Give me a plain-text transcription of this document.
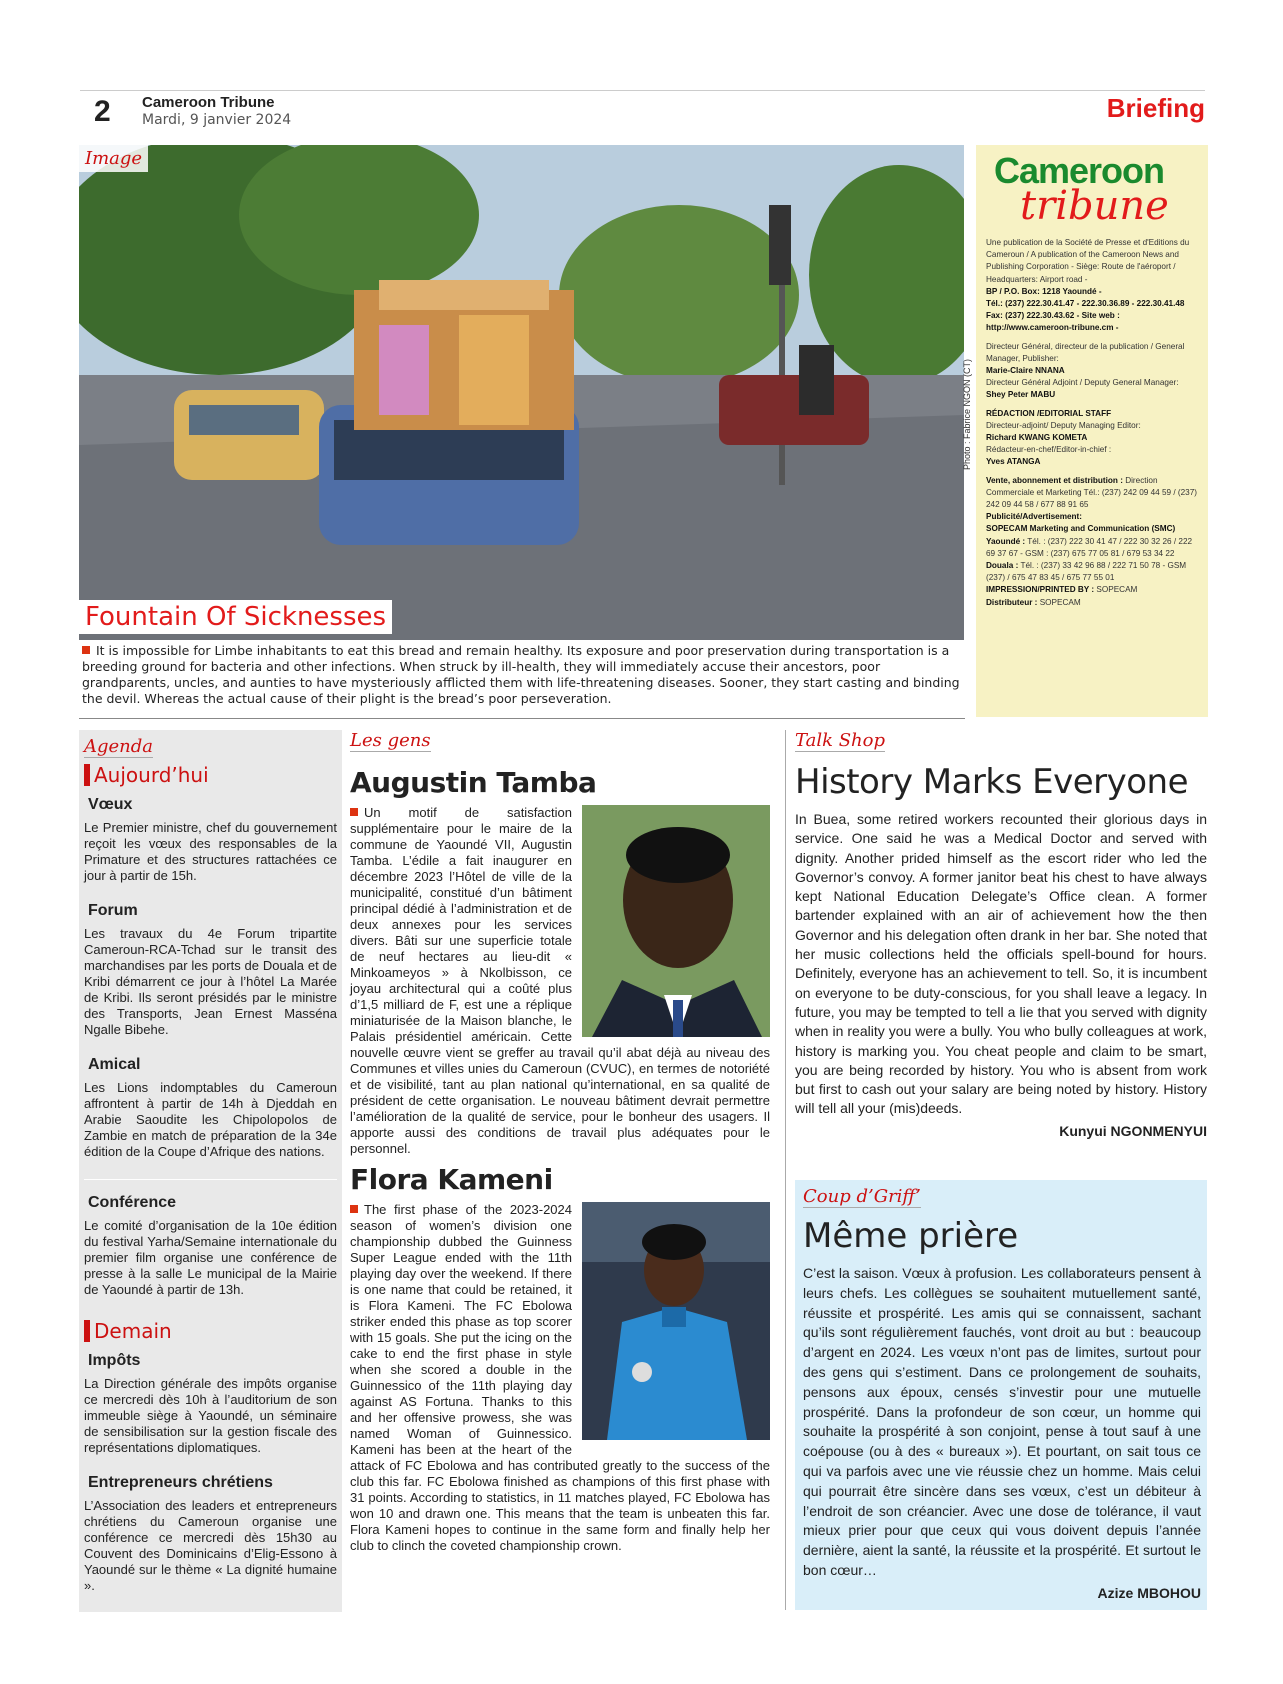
2 Cameroon Tribune
Mardi, 9 janvier 2024	Briefing
Image
Fountain Of Sicknesses
Photo : Fabrice NGON (CT)
It is impossible for Limbe inhabitants to eat this bread and remain healthy. Its exposure and poor preservation during transportation is a breeding ground for bacteria and other infections. When struck by ill-health, they will immediately accuse their ancestors, poor grandparents, uncles, and aunties to have mysteriously afflicted them with life-threatening diseases. Sooner, they start casting and binding the devil. Whereas the actual cause of their plight is the bread’s poor perseveration.
Cameroon
tribune
Une publication de la Société de Presse et d'Editions du Cameroun / A publication of the Cameroon News and Publishing Corporation - Siège: Route de l'aéroport / Headquarters: Airport road -
BP / P.O. Box: 1218 Yaoundé -
Tél.: (237) 222.30.41.47 - 222.30.36.89 - 222.30.41.48 Fax: (237) 222.30.43.62 - Site web : http://www.cameroon-tribune.cm -
Directeur Général, directeur de la publication / General Manager, Publisher:
Marie-Claire NNANA
Directeur Général Adjoint / Deputy General Manager:
Shey Peter MABU
RÉDACTION /EDITORIAL STAFF
Directeur-adjoint/ Deputy Managing Editor:
Richard KWANG KOMETA
Rédacteur-en-chef/Editor-in-chief :
Yves ATANGA
Vente, abonnement et distribution : Direction Commerciale et Marketing Tél.: (237) 242 09 44 59 / (237) 242 09 44 58 / 677 88 91 65
Publicité/Advertisement:
SOPECAM Marketing and Communication (SMC)
Yaoundé : Tél. : (237) 222 30 41 47 / 222 30 32 26 / 222 69 37 67 - GSM : (237) 675 77 05 81 / 679 53 34 22
Douala : Tél. : (237) 33 42 96 88 / 222 71 50 78 - GSM (237) / 675 47 83 45 / 675 77 55 01
IMPRESSION/PRINTED BY : SOPECAM
Distributeur : SOPECAM
Agenda
Aujourd’hui
Vœux
Le Premier ministre, chef du gouvernement reçoit les vœux des responsables de la Primature et des structures rattachées ce jour à partir de 15h.
Forum
Les travaux du 4e Forum tripartite Cameroun-RCA-Tchad sur le transit des marchandises par les ports de Douala et de Kribi démarrent ce jour à l’hôtel La Marée de Kribi. Ils seront présidés par le ministre des Transports, Jean Ernest Masséna Ngalle Bibehe.
Amical
Les Lions indomptables du Cameroun affrontent à partir de 14h à Djeddah en Arabie Saoudite les Chipolopolos de Zambie en match de préparation de la 34e édition de la Coupe d’Afrique des nations.
Conférence
Le comité d’organisation de la 10e édition du festival Yarha/Semaine internationale du premier film organise une conférence de presse à la salle Le municipal de la Mairie de Yaoundé à partir de 13h.
Demain
Impôts
La Direction générale des impôts organise ce mercredi dès 10h à l’auditorium de son immeuble siège à Yaoundé, un séminaire de sensibilisation sur la gestion fiscale des représentations diplomatiques.
Entrepreneurs chrétiens
L’Association des leaders et entrepreneurs chrétiens du Cameroun organise une conférence ce mercredi dès 15h30 au Couvent des Dominicains d’Elig-Essono à Yaoundé sur le thème « La dignité humaine ».
Les gens
Augustin Tamba
Un motif de satisfaction supplémentaire pour le maire de la commune de Yaoundé VII, Augustin Tamba. L’édile a fait inaugurer en décembre 2023 l’Hôtel de ville de la municipalité, constitué d’un bâtiment principal dédié à l’administration et de deux annexes pour les services divers. Bâti sur une superficie totale de neuf hectares au lieu-dit « Minkoameyos » à Nkolbisson, ce joyau architectural qui a coûté plus d’1,5 milliard de F, est une a réplique miniaturisée de la Maison blanche, le Palais présidentiel américain. Cette nouvelle œuvre vient se greffer au travail qu’il abat déjà au niveau des Communes et villes unies du Cameroun (CVUC), en termes de notoriété et de visibilité, tant au plan national qu’international, en sa qualité de président de cette organisation. Le nouveau bâtiment devrait permettre l’amélioration de la qualité de service, pour le bonheur des usagers. Il apporte aussi des conditions de travail plus adéquates pour le personnel.
Flora Kameni
The first phase of the 2023-2024 season of women’s division one championship dubbed the Guinness Super League ended with the 11th playing day over the weekend. If there is one name that could be retained, it is Flora Kameni. The FC Ebolowa striker ended this phase as top scorer with 15 goals. She put the icing on the cake to end the first phase in style when she scored a double in the Guinnessico of the 11th playing day against AS Fortuna. Thanks to this and her offensive prowess, she was named Woman of Guinnessico. Kameni has been at the heart of the attack of FC Ebolowa and has contributed greatly to the success of the club this far. FC Ebolowa finished as champions of this first phase with 31 points. According to statistics, in 11 matches played, FC Ebolowa has won 10 and drawn one. This means that the team is unbeaten this far. Flora Kameni hopes to continue in the same form and finally help her club to clinch the coveted championship crown.
Talk Shop
History Marks Everyone
In Buea, some retired workers recounted their glorious days in service. One said he was a Medical Doctor and served with dignity. Another prided himself as the escort rider who led the Governor’s convoy. A former janitor beat his chest to have always kept National Education Delegate’s Office clean. A former bartender explained with an air of achievement how the then Governor and his delegation often drank in her bar. She noted that her music collections held the officials spell-bound for hours. Definitely, everyone has an achievement to tell. So, it is incumbent on everyone to be duty-conscious, for you shall leave a legacy. In future, you may be tempted to tell a lie that you served with dignity when in reality you were a bully. You who bully colleagues at work, history is marking you. You cheat people and claim to be smart, you are being recorded by history. You who is absent from work but first to cash out your salary are being noted by history. History will tell all your (mis)deeds.
Kunyui NGONMENYUI
Coup d’Griff’
Même prière
C’est la saison. Vœux à profusion. Les collaborateurs pensent à leurs chefs. Les collègues se souhaitent mutuellement santé, réussite et prospérité. Les amis qui se connaissent, sachant qu’ils sont régulièrement fauchés, vont droit au but : beaucoup d’argent en 2024. Les vœux n’ont pas de limites, surtout pour des gens qui s’estiment. Dans ce prolongement de souhaits, pensons aux époux, censés s’investir pour une mutuelle prospérité. Dans la profondeur de son cœur, un homme qui souhaite la prospérité à son conjoint, pense à tout sauf à une coépouse (ou à des « bureaux »). Et pourtant, on sait tous ce qui va parfois avec une vie réussie chez un homme. Mais celui qui pourrait être sincère dans ses vœux, c’est un débiteur à l’endroit de son créancier. Avec une dose de tolérance, il vaut mieux prier pour que ceux qui vous doivent depuis l’année dernière, aient la santé, la réussite et la prospérité. Et surtout le bon cœur…
Azize MBOHOU
